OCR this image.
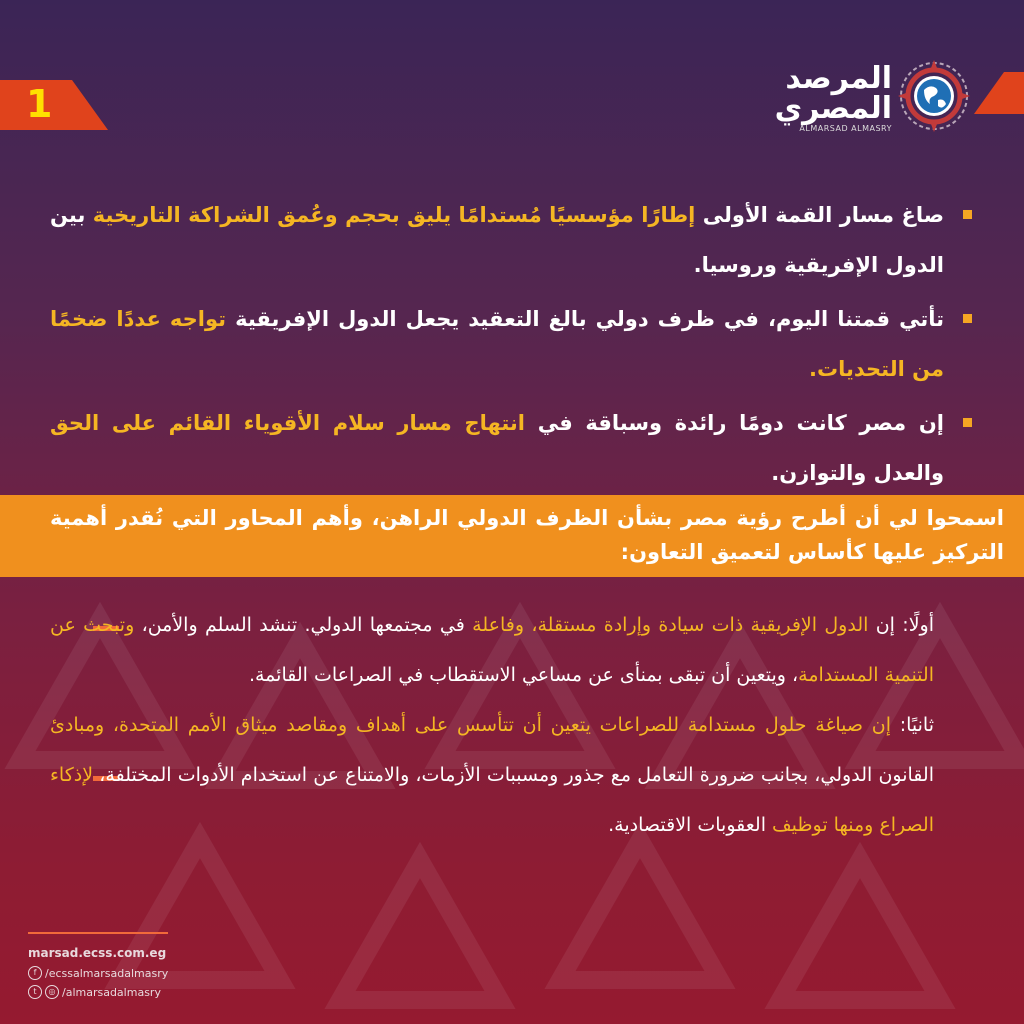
1
المرصد
المصري
ALMARSAD ALMASRY
صاغ مسار القمة الأولى إطارًا مؤسسيًا مُستدامًا يليق بحجم وعُمق الشراكة التاريخية بين الدول الإفريقية وروسيا.
تأتي قمتنا اليوم، في ظرف دولي بالغ التعقيد يجعل الدول الإفريقية تواجه عددًا ضخمًا من التحديات.
إن مصر كانت دومًا رائدة وسباقة في انتهاج مسار سلام الأقوياء القائم على الحق والعدل والتوازن.
اسمحوا لي أن أطرح رؤية مصر بشأن الظرف الدولي الراهن، وأهم المحاور التي نُقدر أهمية التركيز عليها كأساس لتعميق التعاون:
أولًا: إن الدول الإفريقية ذات سيادة وإرادة مستقلة، وفاعلة في مجتمعها الدولي. تنشد السلم والأمن، وتبحث عن التنمية المستدامة، ويتعين أن تبقى بمنأى عن مساعي الاستقطاب في الصراعات القائمة.
ثانيًا: إن صياغة حلول مستدامة للصراعات يتعين أن تتأسس على أهداف ومقاصد ميثاق الأمم المتحدة، ومبادئ القانون الدولي، بجانب ضرورة التعامل مع جذور ومسببات الأزمات، والامتناع عن استخدام الأدوات المختلفة، لإذكاء الصراع ومنها توظيف العقوبات الاقتصادية.
marsad.ecss.com.eg
f /ecssalmarsadalmasry
t	◎ /almarsadalmasry
